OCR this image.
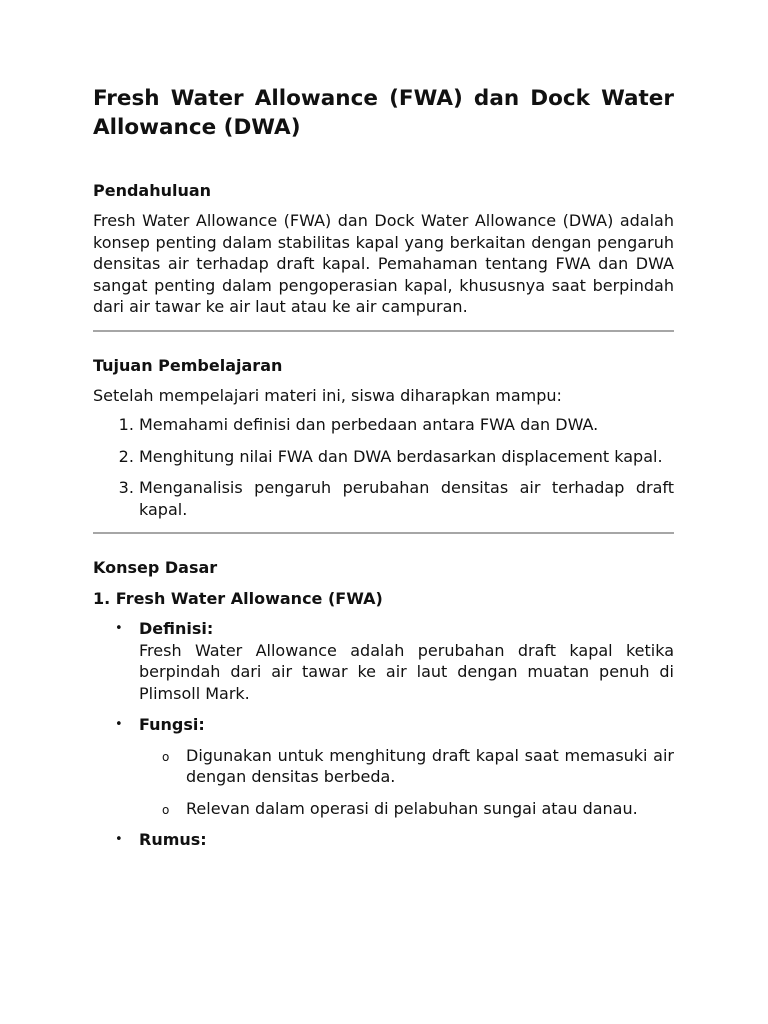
Fresh Water Allowance (FWA) dan Dock Water Allowance (DWA)
Pendahuluan

Fresh Water Allowance (FWA) dan Dock Water Allowance (DWA) adalah konsep penting dalam stabilitas kapal yang berkaitan dengan pengaruh densitas air terhadap draft kapal. Pemahaman tentang FWA dan DWA sangat penting dalam pengoperasian kapal, khususnya saat berpindah dari air tawar ke air laut atau ke air campuran.

Tujuan Pembelajaran

Setelah mempelajari materi ini, siswa diharapkan mampu:

1. Memahami definisi dan perbedaan antara FWA dan DWA.
2. Menghitung nilai FWA dan DWA berdasarkan displacement kapal.
3. Menganalisis pengaruh perubahan densitas air terhadap draft kapal.
Konsep Dasar
1. Fresh Water Allowance (FWA)
• Definisi:
Fresh Water Allowance adalah perubahan draft kapal ketika berpindah dari air tawar ke air laut dengan muatan penuh di Plimsoll Mark.
• Fungsi:
o Digunakan untuk menghitung draft kapal saat memasuki air dengan densitas berbeda.
o Relevan dalam operasi di pelabuhan sungai atau danau.
• Rumus:
